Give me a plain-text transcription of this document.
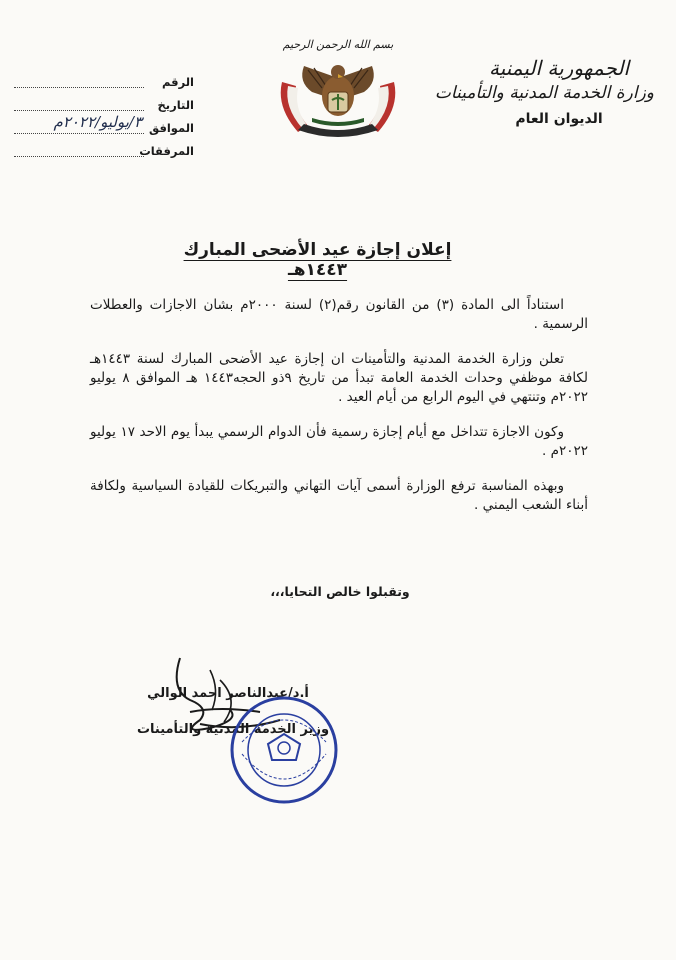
الجمهورية اليمنية
وزارة الخدمة المدنية والتأمينات
الديوان العام
بسم الله الرحمن الرحيم
الرقم
التاريخ
الموافق
٣/يوليو/٢٠٢٢م
المرفقات
إعلان إجازة عيد الأضحى المبارك ١٤٤٣هـ

استناداً الى المادة (٣) من القانون رقم(٢) لسنة ٢٠٠٠م بشان الاجازات والعطلات الرسمية .

تعلن وزارة الخدمة المدنية والتأمينات ان إجازة عيد الأضحى المبارك لسنة ١٤٤٣هـ لكافة موظفي وحدات الخدمة العامة تبدأ من تاريخ ٩ذو الحجه١٤٤٣ هـ الموافق ٨ يوليو ٢٠٢٢م وتنتهي في اليوم الرابع من أيام العيد .

وكون الاجازة تتداخل مع أيام إجازة رسمية فأن الدوام الرسمي يبدأ يوم الاحد ١٧ يوليو ٢٠٢٢م .

وبهذه المناسبة ترفع الوزارة أسمى آيات التهاني والتبريكات للقيادة السياسية ولكافة أبناء الشعب اليمني .

وتقبلوا خالص التحايا،،،
أ.د/عبدالناصر احمد الوالي
وزير الخدمة المدنية والتأمينات
